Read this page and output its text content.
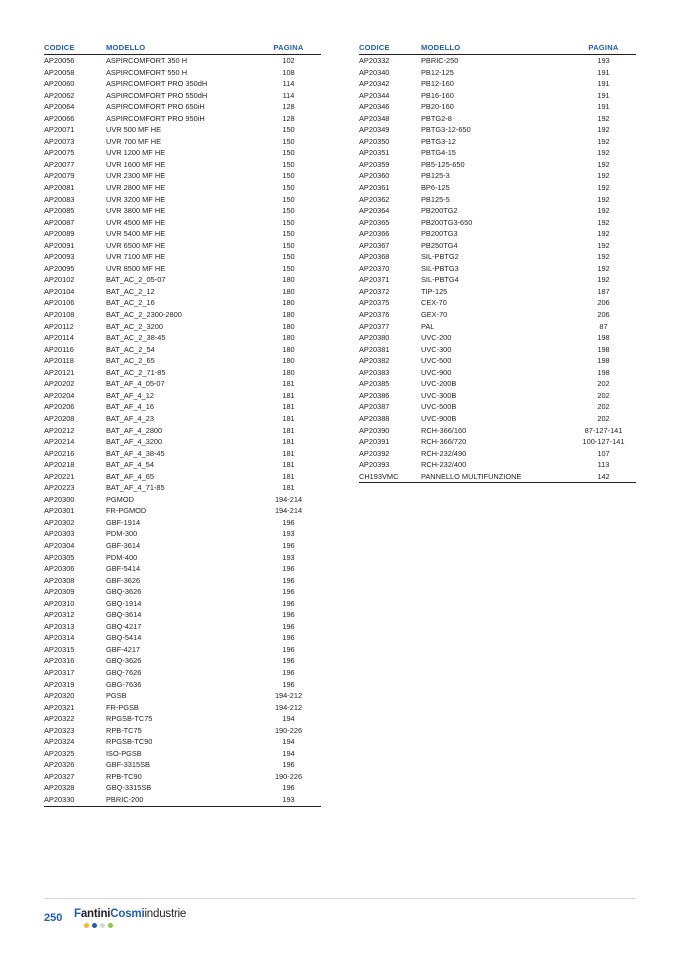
CODICE	MODELLO	PAGINA
AP20056	ASPIRCOMFORT 350 H	102
AP20058	ASPIRCOMFORT 550 H	108
AP20060	ASPIRCOMFORT PRO 350dH	114
AP20062	ASPIRCOMFORT PRO 550dH	114
AP20064	ASPIRCOMFORT PRO 650iH	128
AP20066	ASPIRCOMFORT PRO 950iH	128
AP20071	UVR 500 MF HE	150
AP20073	UVR 700 MF HE	150
AP20075	UVR 1200 MF HE	150
AP20077	UVR 1600 MF HE	150
AP20079	UVR 2300 MF HE	150
AP20081	UVR 2800 MF HE	150
AP20083	UVR 3200 MF HE	150
AP20085	UVR 3800 MF HE	150
AP20087	UVR 4500 MF HE	150
AP20089	UVR 5400 MF HE	150
AP20091	UVR 6500 MF HE	150
AP20093	UVR 7100 MF HE	150
AP20095	UVR 8500 MF HE	150
AP20102	BAT_AC_2_05-07	180
AP20104	BAT_AC_2_12	180
AP20106	BAT_AC_2_16	180
AP20108	BAT_AC_2_2300-2800	180
AP20112	BAT_AC_2_3200	180
AP20114	BAT_AC_2_38-45	180
AP20116	BAT_AC_2_54	180
AP20118	BAT_AC_2_65	180
AP20121	BAT_AC_2_71-85	180
AP20202	BAT_AF_4_05-07	181
AP20204	BAT_AF_4_12	181
AP20206	BAT_AF_4_16	181
AP20208	BAT_AF_4_23	181
AP20212	BAT_AF_4_2800	181
AP20214	BAT_AF_4_3200	181
AP20216	BAT_AF_4_38-45	181
AP20218	BAT_AF_4_54	181
AP20221	BAT_AF_4_65	181
AP20223	BAT_AF_4_71-85	181
AP20300	PGMOD	194-214
AP20301	FR-PGMOD	194-214
AP20302	GBF-1914	196
AP20303	PDM-300	193
AP20304	GBF-3614	196
AP20305	PDM-400	193
AP20306	GBF-5414	196
AP20308	GBF-3626	196
AP20309	GBQ-3626	196
AP20310	GBQ-1914	196
AP20312	GBQ-3614	196
AP20313	GBQ-4217	196
AP20314	GBQ-5414	196
AP20315	GBF-4217	196
AP20316	GBQ-3626	196
AP20317	GBQ-7626	196
AP20319	GBG-7636	196
AP20320	PGSB	194-212
AP20321	FR-PGSB	194-212
AP20322	RPGSB-TC75	194
AP20323	RPB-TC75	190-226
AP20324	RPGSB-TC90	194
AP20325	ISO-PGSB	194
AP20326	GBF-3315SB	196
AP20327	RPB-TC90	190-226
AP20328	GBQ-3315SB	196
AP20330	PBRIC-200	193
CODICE	MODELLO	PAGINA
AP20332	PBRIC-250	193
AP20340	PB12-125	191
AP20342	PB12-160	191
AP20344	PB16-160	191
AP20346	PB20-160	191
AP20348	PBTG2-8	192
AP20349	PBTG3-12-650	192
AP20350	PBTG3-12	192
AP20351	PBTG4-15	192
AP20359	PB5-125-650	192
AP20360	PB125-3	192
AP20361	BP6-125	192
AP20362	PB125-5	192
AP20364	PB200TG2	192
AP20365	PB200TG3-650	192
AP20366	PB200TG3	192
AP20367	PB250TG4	192
AP20368	SIL-PBTG2	192
AP20370	SIL-PBTG3	192
AP20371	SIL-PBTG4	192
AP20372	TIP-125	187
AP20375	CEX-70	206
AP20376	GEX-70	206
AP20377	PAL	87
AP20380	UVC-200	198
AP20381	UVC-300	198
AP20382	UVC-500	198
AP20383	UVC-900	198
AP20385	UVC-200B	202
AP20386	UVC-300B	202
AP20387	UVC-500B	202
AP20388	UVC-900B	202
AP20390	RCH-366/160	87-127-141
AP20391	RCH-366/720	100-127-141
AP20392	RCH-232/490	107
AP20393	RCH-232/400	113
CH193VMC	PANNELLO MULTIFUNZIONE	142
250 FantiniCosmiindustrie
